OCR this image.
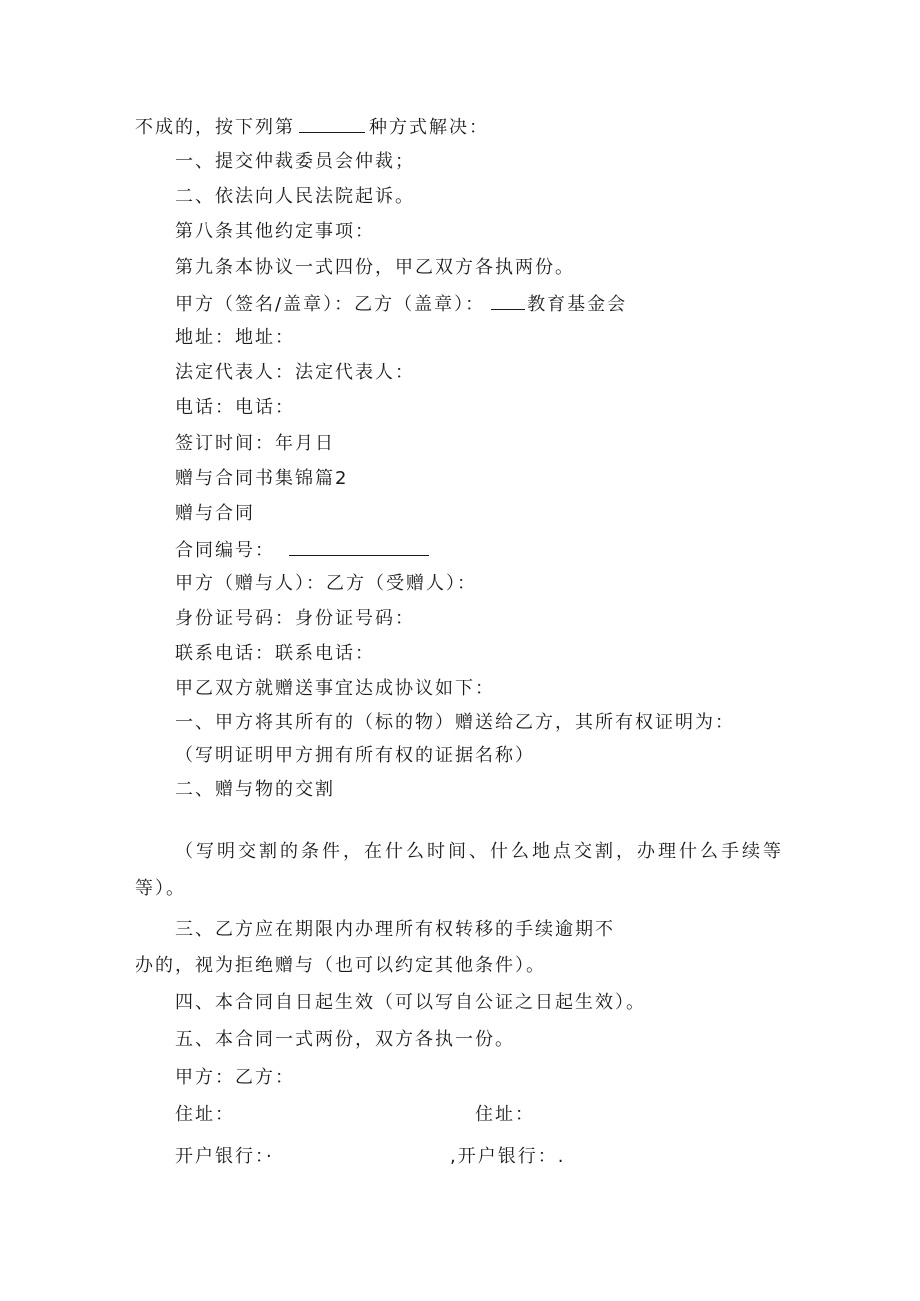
不成的，按下列第	种方式解决：
一、提交仲裁委员会仲裁；
二、依法向人民法院起诉。
第八条其他约定事项：
第九条本协议一式四份，甲乙双方各执两份。
甲方（签名/盖章）：乙方（盖章）： 教育基金会
地址：地址：
法定代表人：法定代表人：
电话：电话：
签订时间：年月日
赠与合同书集锦篇2
赠与合同
合同编号：
甲方（赠与人）：乙方（受赠人）：
身份证号码：身份证号码：
联系电话：联系电话：
甲乙双方就赠送事宜达成协议如下：
一、甲方将其所有的（标的物）赠送给乙方，其所有权证明为：
（写明证明甲方拥有所有权的证据名称）
二、赠与物的交割
（写明交割的条件，在什么时间、什么地点交割，办理什么手续等
等）。
三、乙方应在期限内办理所有权转移的手续逾期不
办的，视为拒绝赠与（也可以约定其他条件）。
四、本合同自日起生效（可以写自公证之日起生效）。
五、本合同一式两份，双方各执一份。
甲方：乙方：
住址：	住址：
开户银行：·	,开户银行：.
